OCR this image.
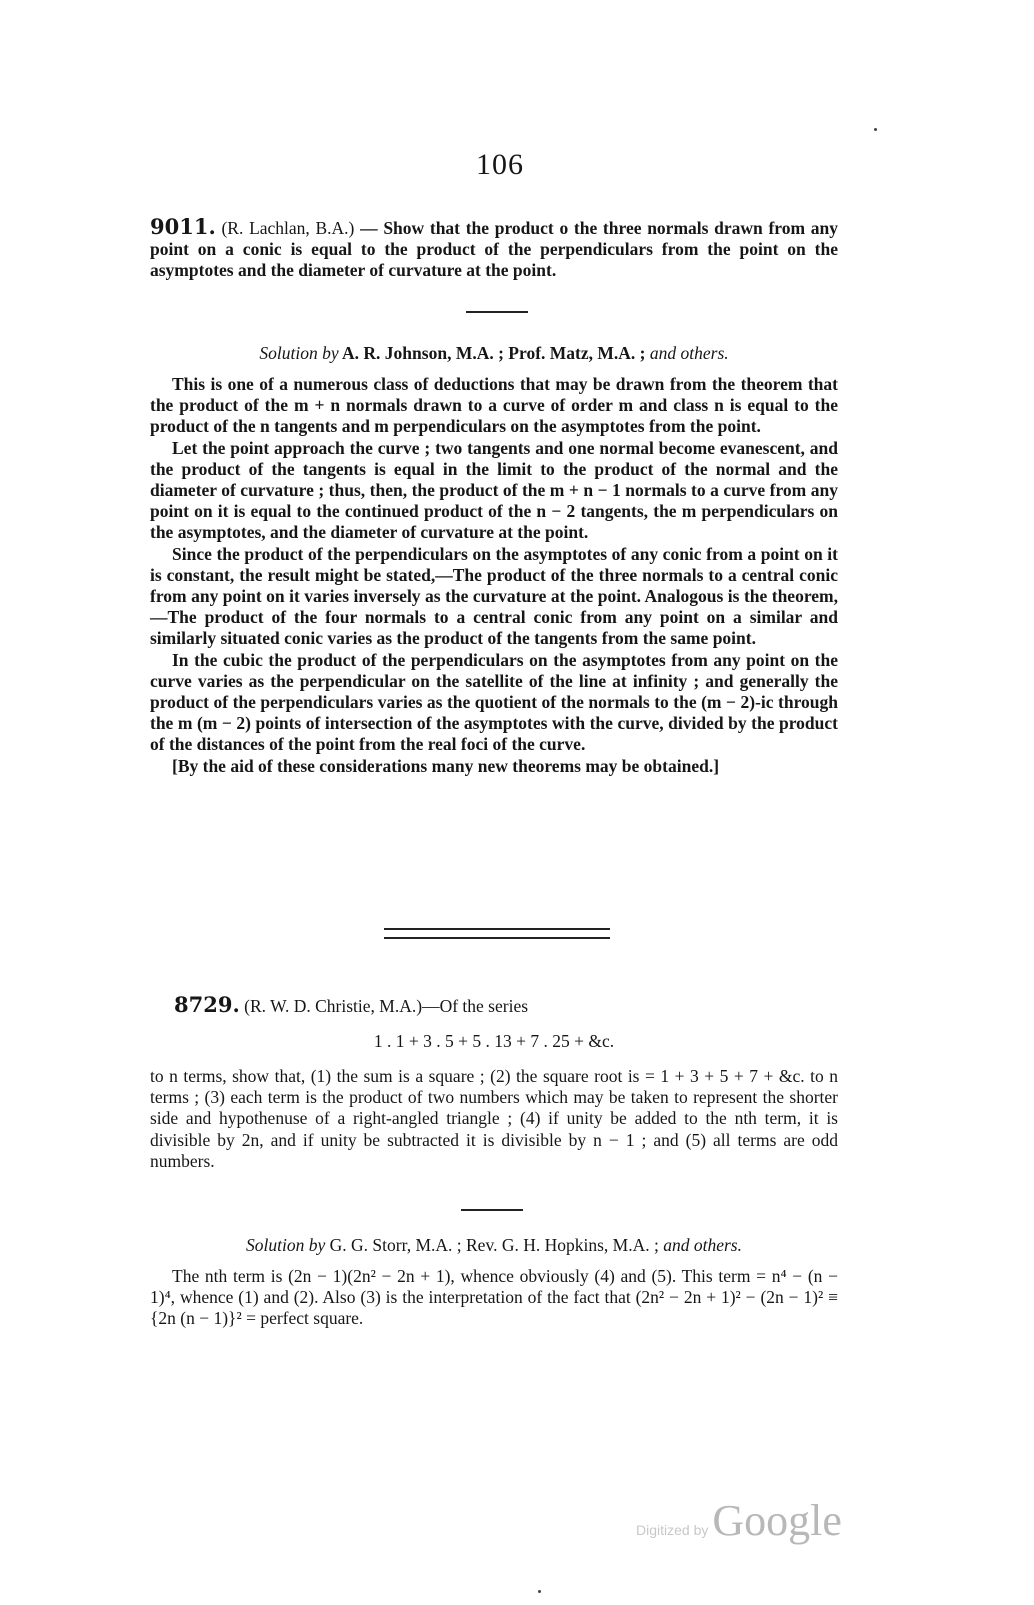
106

9011. (R. Lachlan, B.A.) — Show that the product o the three normals drawn from any point on a conic is equal to the product of the perpendiculars from the point on the asymptotes and the diameter of curvature at the point.

Solution by A. R. Johnson, M.A. ; Prof. Matz, M.A. ; and others.

This is one of a numerous class of deductions that may be drawn from the theorem that the product of the m + n normals drawn to a curve of order m and class n is equal to the product of the n tangents and m perpendiculars on the asymptotes from the point.

Let the point approach the curve ; two tangents and one normal become evanescent, and the product of the tangents is equal in the limit to the product of the normal and the diameter of curvature ; thus, then, the product of the m + n − 1 normals to a curve from any point on it is equal to the continued product of the n − 2 tangents, the m perpendiculars on the asymptotes, and the diameter of curvature at the point.

Since the product of the perpendiculars on the asymptotes of any conic from a point on it is constant, the result might be stated,—The product of the three normals to a central conic from any point on it varies inversely as the curvature at the point. Analogous is the theorem,—The product of the four normals to a central conic from any point on a similar and similarly situated conic varies as the product of the tangents from the same point.

In the cubic the product of the perpendiculars on the asymptotes from any point on the curve varies as the perpendicular on the satellite of the line at infinity ; and generally the product of the perpendiculars varies as the quotient of the normals to the (m − 2)-ic through the m (m − 2) points of intersection of the asymptotes with the curve, divided by the product of the distances of the point from the real foci of the curve.

[By the aid of these considerations many new theorems may be obtained.]

8729. (R. W. D. Christie, M.A.)—Of the series
1 . 1 + 3 . 5 + 5 . 13 + 7 . 25 + &c.

to n terms, show that, (1) the sum is a square ; (2) the square root is = 1 + 3 + 5 + 7 + &c. to n terms ; (3) each term is the product of two numbers which may be taken to represent the shorter side and hypothenuse of a right-angled triangle ; (4) if unity be added to the nth term, it is divisible by 2n, and if unity be subtracted it is divisible by n − 1 ; and (5) all terms are odd numbers.

Solution by G. G. Storr, M.A. ; Rev. G. H. Hopkins, M.A. ; and others.

The nth term is (2n − 1)(2n² − 2n + 1), whence obviously (4) and (5). This term = n⁴ − (n − 1)⁴, whence (1) and (2). Also (3) is the interpretation of the fact that (2n² − 2n + 1)² − (2n − 1)² ≡ {2n (n − 1)}² = perfect square.

Digitized by Google
